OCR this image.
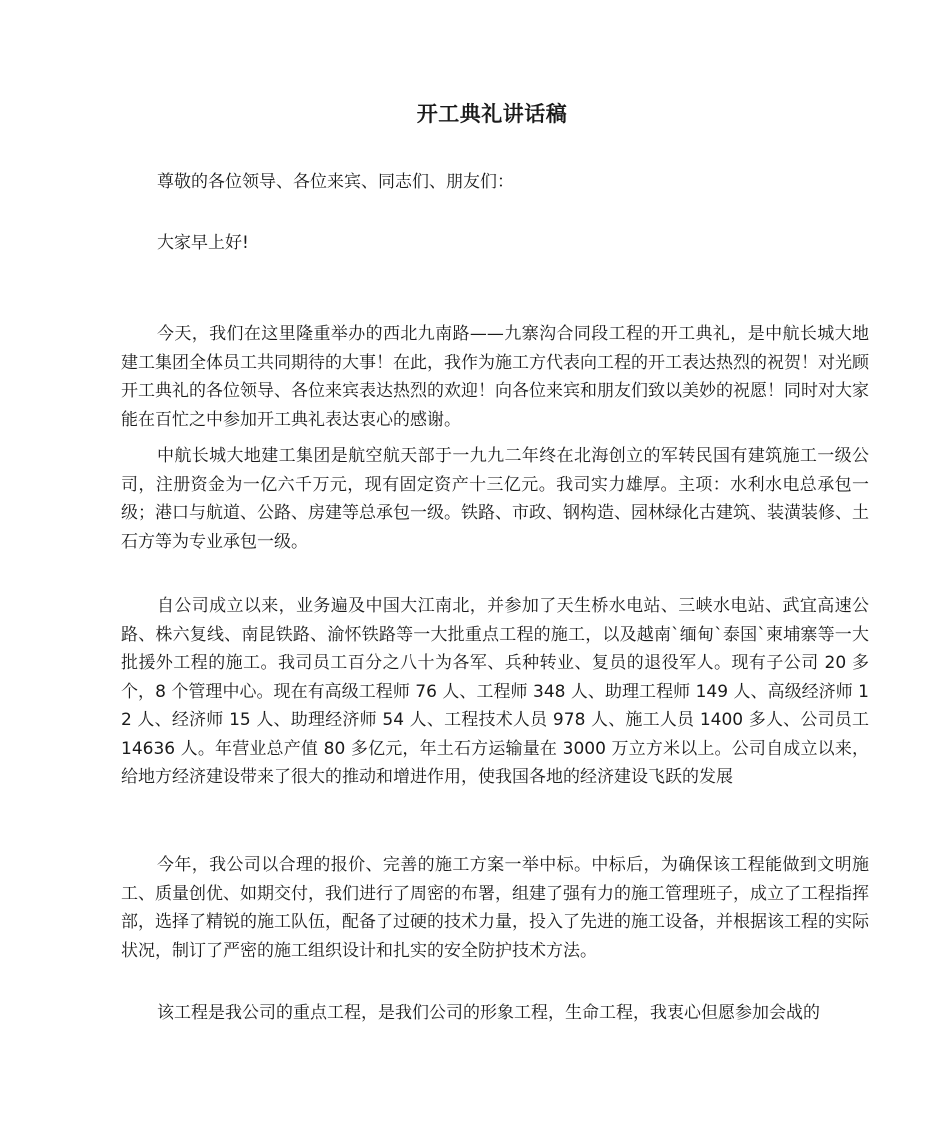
开工典礼讲话稿

尊敬的各位领导、各位来宾、同志们、朋友们：

大家早上好!

今天，我们在这里隆重举办的西北九南路——九寨沟合同段工程的开工典礼，是中航长城大地建工集团全体员工共同期待的大事！在此，我作为施工方代表向工程的开工表达热烈的祝贺！对光顾开工典礼的各位领导、各位来宾表达热烈的欢迎！向各位来宾和朋友们致以美妙的祝愿！同时对大家能在百忙之中参加开工典礼表达衷心的感谢。

中航长城大地建工集团是航空航天部于一九九二年终在北海创立的军转民国有建筑施工一级公司，注册资金为一亿六千万元，现有固定资产十三亿元。我司实力雄厚。主项：水利水电总承包一级；港口与航道、公路、房建等总承包一级。铁路、市政、钢构造、园林绿化古建筑、装潢装修、土石方等为专业承包一级。

自公司成立以来，业务遍及中国大江南北，并参加了天生桥水电站、三峡水电站、武宜高速公路、株六复线、南昆铁路、渝怀铁路等一大批重点工程的施工，以及越南`缅甸`泰国`柬埔寨等一大批援外工程的施工。我司员工百分之八十为各军、兵种转业、复员的退役军人。现有子公司 20 多个，8 个管理中心。现在有高级工程师 76 人、工程师 348 人、助理工程师 149 人、高级经济师 12 人、经济师 15 人、助理经济师 54 人、工程技术人员 978 人、施工人员 1400 多人、公司员工 14636 人。年营业总产值 80 多亿元，年土石方运输量在 3000 万立方米以上。公司自成立以来，给地方经济建设带来了很大的推动和增进作用，使我国各地的经济建设飞跃的发展

今年，我公司以合理的报价、完善的施工方案一举中标。中标后，为确保该工程能做到文明施工、质量创优、如期交付，我们进行了周密的布署，组建了强有力的施工管理班子，成立了工程指挥部，选择了精锐的施工队伍，配备了过硬的技术力量，投入了先进的施工设备，并根据该工程的实际状况，制订了严密的施工组织设计和扎实的安全防护技术方法。

该工程是我公司的重点工程，是我们公司的形象工程，生命工程，我衷心但愿参加会战的
